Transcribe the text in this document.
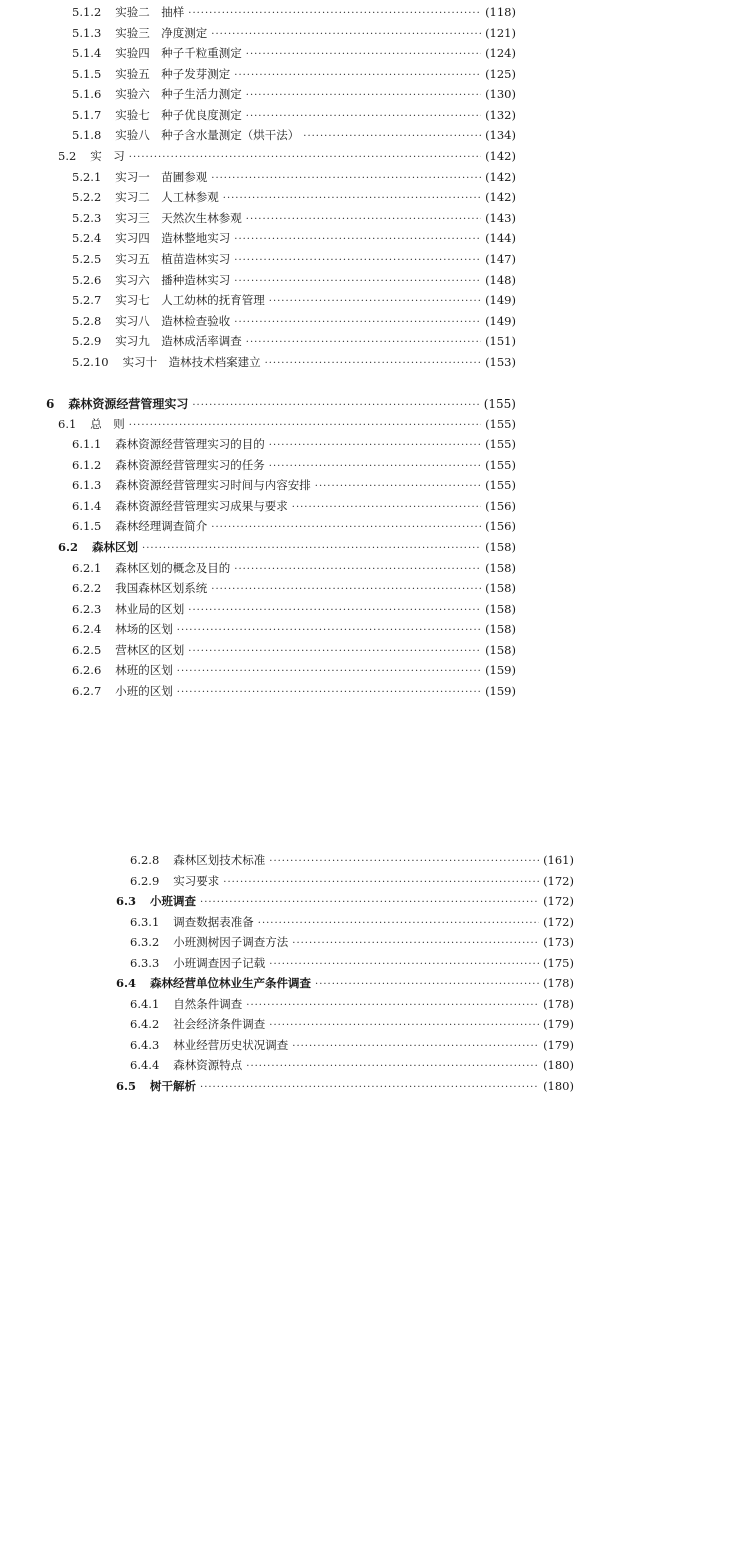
5.1.2 实验二　抽样 ·····	(118)
5.1.3 实验三　净度测定 ·····	(121)
5.1.4 实验四　种子千粒重测定 ·····	(124)
5.1.5 实验五　种子发芽测定 ·····	(125)
5.1.6 实验六　种子生活力测定 ·····	(130)
5.1.7 实验七　种子优良度测定 ·····	(132)
5.1.8 实验八　种子含水量测定（烘干法） ·····	(134)
5.2 实　习 ·····	(142)
5.2.1 实习一　苗圃参观 ·····	(142)
5.2.2 实习二　人工林参观 ·····	(142)
5.2.3 实习三　天然次生林参观 ·····	(143)
5.2.4 实习四　造林整地实习 ·····	(144)
5.2.5 实习五　植苗造林实习 ·····	(147)
5.2.6 实习六　播种造林实习 ·····	(148)
5.2.7 实习七　人工幼林的抚育管理 ·····	(149)
5.2.8 实习八　造林检查验收 ·····	(149)
5.2.9 实习九　造林成活率调查 ·····	(151)
5.2.10 实习十　造林技术档案建立 ·····	(153)
6 森林资源经营管理实习 ·····	(155)
6.1 总　则 ·····	(155)
6.1.1 森林资源经营管理实习的目的 ·····	(155)
6.1.2 森林资源经营管理实习的任务 ·····	(155)
6.1.3 森林资源经营管理实习时间与内容安排 ·····	(155)
6.1.4 森林资源经营管理实习成果与要求 ·····	(156)
6.1.5 森林经理调查简介 ·····	(156)
6.2 森林区划 ·····	(158)
6.2.1 森林区划的概念及目的 ·····	(158)
6.2.2 我国森林区划系统 ·····	(158)
6.2.3 林业局的区划 ·····	(158)
6.2.4 林场的区划 ·····	(158)
6.2.5 营林区的区划 ·····	(158)
6.2.6 林班的区划 ·····	(159)
6.2.7 小班的区划 ·····	(159)
6.2.8 森林区划技术标准 ·····	(161)
6.2.9 实习要求 ·····	(172)
6.3 小班调查 ·····	(172)
6.3.1 调查数据表准备 ·····	(172)
6.3.2 小班测树因子调查方法 ·····	(173)
6.3.3 小班调查因子记载 ·····	(175)
6.4 森林经营单位林业生产条件调查 ·····	(178)
6.4.1 自然条件调查 ·····	(178)
6.4.2 社会经济条件调查 ·····	(179)
6.4.3 林业经营历史状况调查 ·····	(179)
6.4.4 森林资源特点 ·····	(180)
6.5 树干解析 ·····	(180)
